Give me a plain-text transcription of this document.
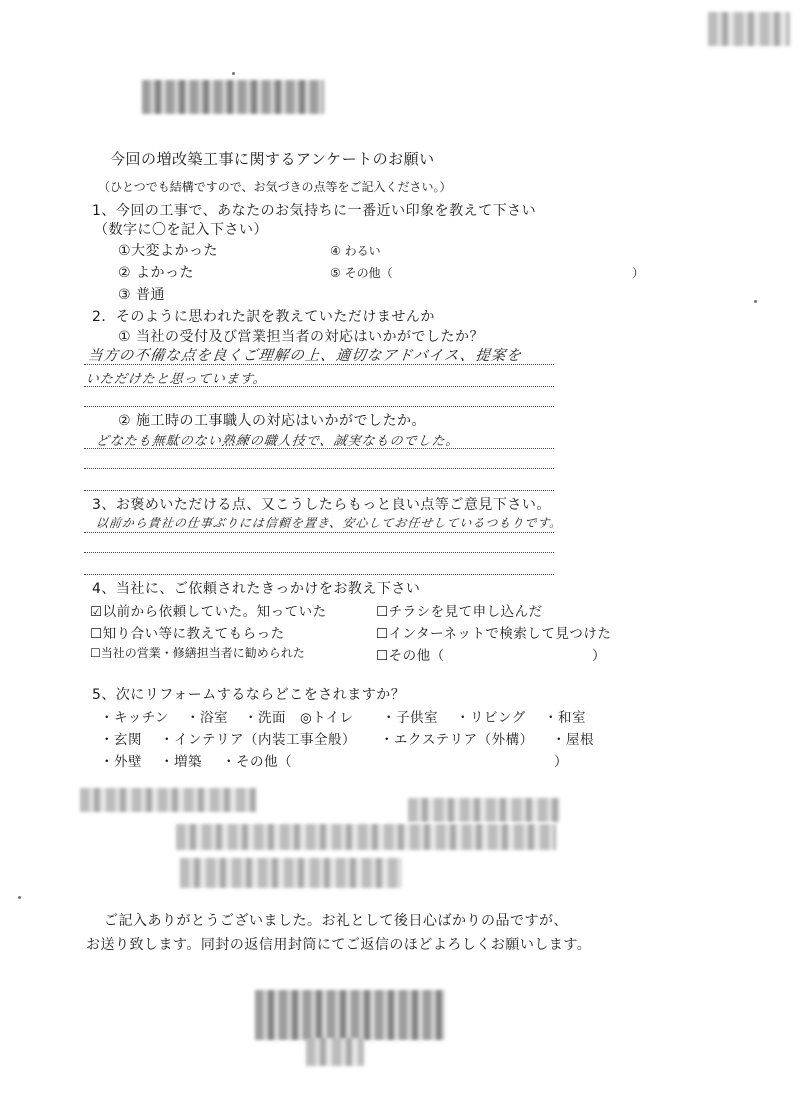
今回の増改築工事に関するアンケートのお願い
（ひとつでも結構ですので、お気づきの点等をご記入ください。）
1、今回の工事で、あなたのお気持ちに一番近い印象を教えて下さい
（数字に〇を記入下さい）
①大変よかった
② よかった
③ 普通
④ わるい
⑤ その他（	）
2．そのように思われた訳を教えていただけませんか
① 当社の受付及び営業担当者の対応はいかがでしたか？
当方の不備な点を良くご理解の上、適切なアドバイス、提案を
いただけたと思っています。
② 施工時の工事職人の対応はいかがでしたか。
どなたも無駄のない熟練の職人技で、誠実なものでした。
3、お褒めいただける点、又こうしたらもっと良い点等ご意見下さい。
以前から貴社の仕事ぶりには信頼を置き、安心してお任せしているつもりです。
4、当社に、ご依頼されたきっかけをお教え下さい
☑以前から依頼していた。知っていた	☐チラシを見て申し込んだ
☐知り合い等に教えてもらった	☐インターネットで検索して見つけた
☐当社の営業・修繕担当者に勧められた	☐その他（	）
5、次にリフォームするならどこをされますか？
・キッチン ・浴室 ・洗面 ◎トイレ ・子供室 ・リビング ・和室
・玄関 ・インテリア（内装工事全般） ・エクステリア（外構） ・屋根
・外壁 ・増築 ・その他（	）
ご記入ありがとうございました。お礼として後日心ばかりの品ですが、
お送り致します。同封の返信用封筒にてご返信のほどよろしくお願いします。
